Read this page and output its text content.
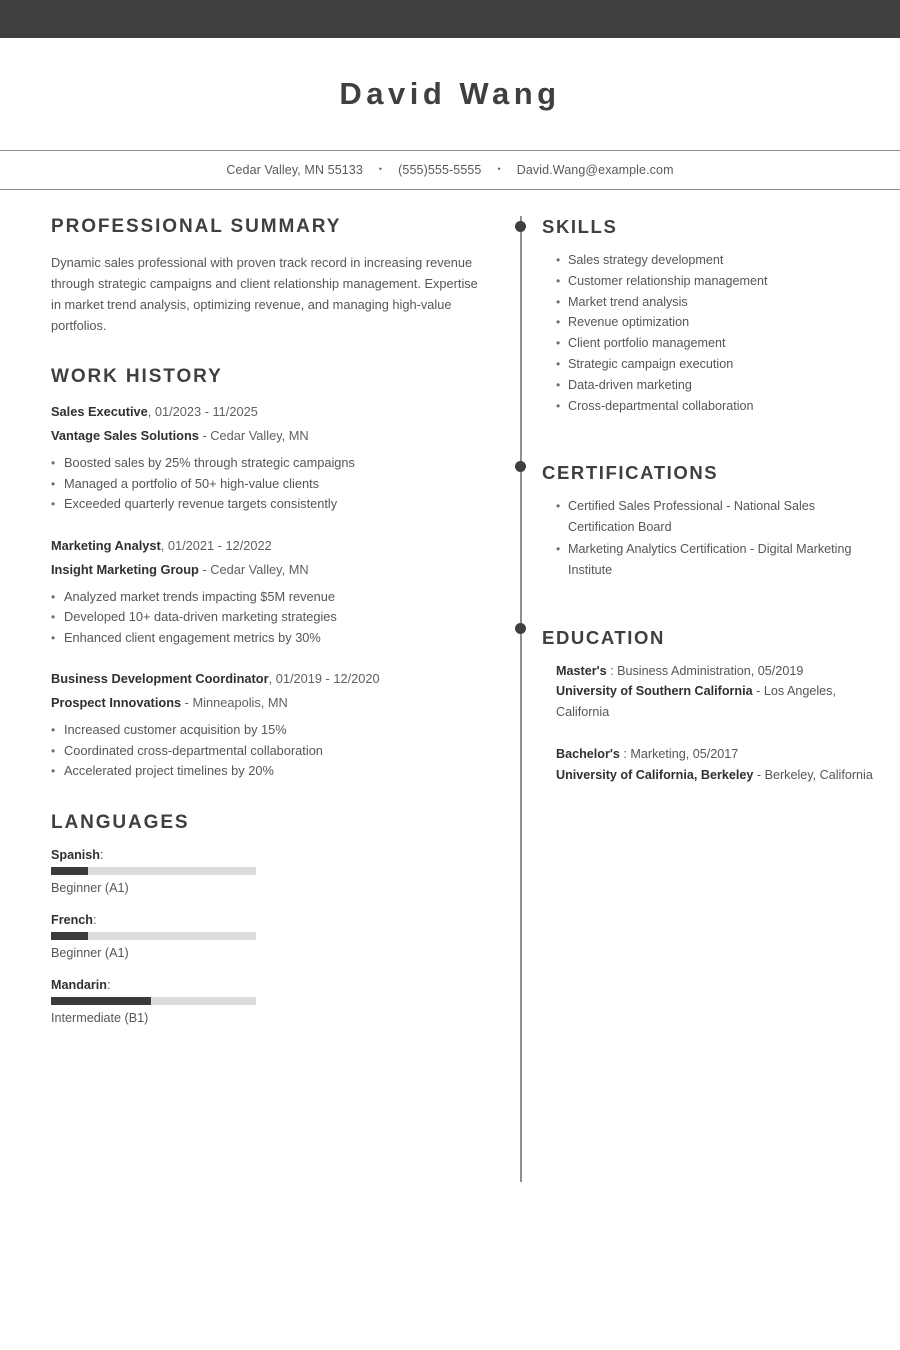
David Wang
Cedar Valley, MN 55133 • (555)555-5555 • David.Wang@example.com
PROFESSIONAL SUMMARY

Dynamic sales professional with proven track record in increasing revenue through strategic campaigns and client relationship management. Expertise in market trend analysis, optimizing revenue, and managing high-value portfolios.

WORK HISTORY
Sales Executive, 01/2023 - 11/2025
Vantage Sales Solutions - Cedar Valley, MN
• Boosted sales by 25% through strategic campaigns
• Managed a portfolio of 50+ high-value clients
• Exceeded quarterly revenue targets consistently
Marketing Analyst, 01/2021 - 12/2022
Insight Marketing Group - Cedar Valley, MN
• Analyzed market trends impacting $5M revenue
• Developed 10+ data-driven marketing strategies
• Enhanced client engagement metrics by 30%
Business Development Coordinator, 01/2019 - 12/2020
Prospect Innovations - Minneapolis, MN
• Increased customer acquisition by 15%
• Coordinated cross-departmental collaboration
• Accelerated project timelines by 20%
LANGUAGES
Spanish:
Beginner (A1)
French:
Beginner (A1)
Mandarin:
Intermediate (B1)
SKILLS
• Sales strategy development
• Customer relationship management
• Market trend analysis
• Revenue optimization
• Client portfolio management
• Strategic campaign execution
• Data-driven marketing
• Cross-departmental collaboration
CERTIFICATIONS
• Certified Sales Professional - National Sales Certification Board
• Marketing Analytics Certification - Digital Marketing Institute
EDUCATION
Master's : Business Administration, 05/2019
University of Southern California - Los Angeles, California
Bachelor's : Marketing, 05/2017
University of California, Berkeley - Berkeley, California
